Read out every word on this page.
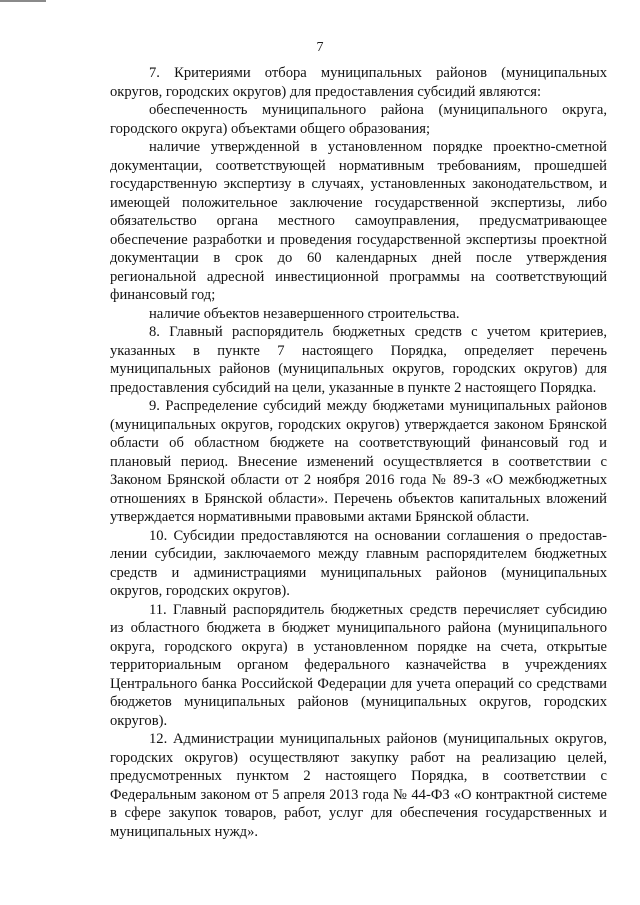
7

7. Критериями отбора муниципальных районов (муниципальных округов, городских округов) для предоставления субсидий являются:

обеспеченность муниципального района (муниципального округа, городского округа) объектами общего образования;

наличие утвержденной в установленном порядке проектно-сметной документации, соответствующей нормативным требованиям, прошедшей государственную экспертизу в случаях, установленных законодательством, и имеющей положительное заключение государственной экспертизы, либо обязательство органа местного самоуправления, предусматривающее обеспечение разработки и проведения государственной экспертизы проектной документации в срок до 60 календарных дней после утверждения региональной адресной инвестиционной программы на соответствующий финансовый год;

наличие объектов незавершенного строительства.

8. Главный распорядитель бюджетных средств с учетом критериев, указанных в пункте 7 настоящего Порядка, определяет перечень муниципальных районов (муниципальных округов, городских округов) для предоставления субсидий на цели, указанные в пункте 2 настоящего Порядка.

9. Распределение субсидий между бюджетами муниципальных районов (муниципальных округов, городских округов) утверждается законом Брянской области об областном бюджете на соответствующий финансовый год и плановый период. Внесение изменений осуществляется в соответствии с Законом Брянской области от 2 ноября 2016 года № 89-З «О межбюджетных отношениях в Брянской области». Перечень объектов капитальных вложений утверждается нормативными правовыми актами Брянской области.

10. Субсидии предоставляются на основании соглашения о предоставлении субсидии, заключаемого между главным распорядителем бюджетных средств и администрациями муниципальных районов (муниципальных округов, городских округов).

11. Главный распорядитель бюджетных средств перечисляет субсидию из областного бюджета в бюджет муниципального района (муниципального округа, городского округа) в установленном порядке на счета, открытые территориальным органом федерального казначейства в учреждениях Центрального банка Российской Федерации для учета операций со средствами бюджетов муниципальных районов (муниципальных округов, городских округов).

12. Администрации муниципальных районов (муниципальных округов, городских округов) осуществляют закупку работ на реализацию целей, предусмотренных пунктом 2 настоящего Порядка, в соответствии с Федеральным законом от 5 апреля 2013 года № 44-ФЗ «О контрактной системе в сфере закупок товаров, работ, услуг для обеспечения государственных и муниципальных нужд».
